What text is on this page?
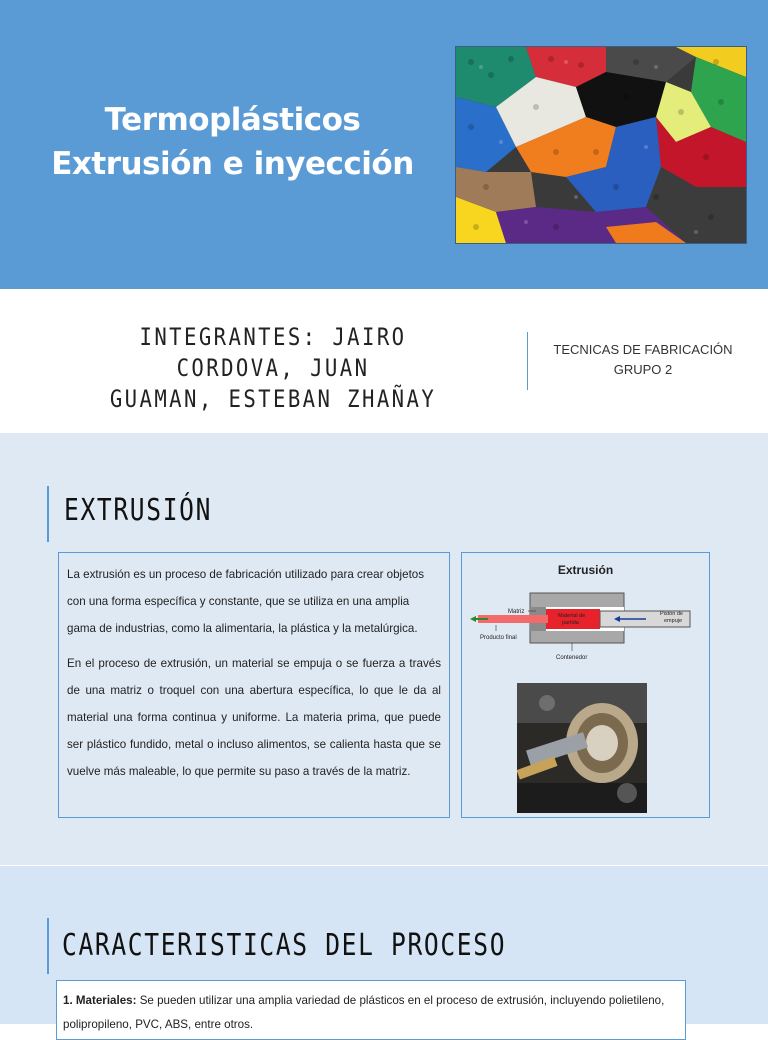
Termoplásticos
Extrusión e inyección
INTEGRANTES: JAIRO CORDOVA, JUAN
GUAMAN, ESTEBAN ZHAÑAY
TECNICAS DE FABRICACIÓN
GRUPO 2
EXTRUSIÓN

La extrusión es un proceso de fabricación utilizado para crear objetos con una forma específica y constante, que se utiliza en una amplia gama de industrias, como la alimentaria, la plástica y la metalúrgica.

En el proceso de extrusión, un material se empuja o se fuerza a través de una matriz o troquel con una abertura específica, lo que le da al material una forma continua y uniforme. La materia prima, que puede ser plástico fundido, metal o incluso alimentos, se calienta hasta que se vuelve más maleable, lo que permite su paso a través de la matriz.

Extrusión
Matriz
Material de
partida
Pistón de
empuje
Producto final
Contenedor
CARACTERISTICAS DEL PROCESO
1. Materiales: Se pueden utilizar una amplia variedad de plásticos en el proceso de extrusión, incluyendo polietileno, polipropileno, PVC, ABS, entre otros.
